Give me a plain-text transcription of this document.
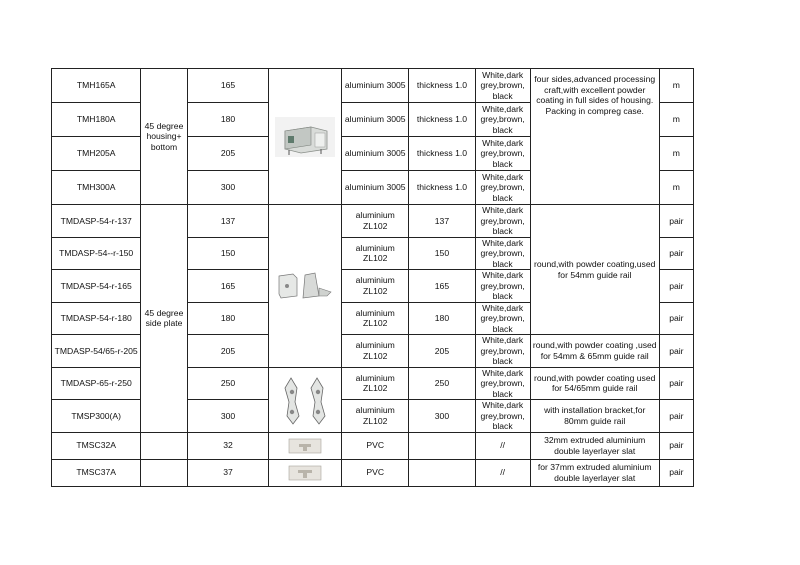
TMH165A	45 degree housing+ bottom	165			aluminium 3005	thickness 1.0	White,dark grey,brown, black	four sides,advanced processing craft,with excellent powder coating in full sides of housing. Packing in compreg case.	m
TMH180A		180		aluminium 3005	thickness 1.0	White,dark grey,brown, black		m
TMH205A		205		aluminium 3005	thickness 1.0	White,dark grey,brown, black		m
TMH300A		300		aluminium 3005	thickness 1.0	White,dark grey,brown, black		m
TMDASP-54-r-137	45 degree side plate	137			aluminium ZL102	137	White,dark grey,brown, black	round,with powder coating,used for 54mm guide rail	pair
TMDASP-54--r-150		150		aluminium ZL102	150	White,dark grey,brown, black		pair
TMDASP-54-r-165		165		aluminium ZL102	165	White,dark grey,brown, black		pair
TMDASP-54-r-180		180		aluminium ZL102	180	White,dark grey,brown, black		pair
TMDASP-54/65-r-205		205		aluminium ZL102	205	White,dark grey,brown, black	round,with powder coating ,used for 54mm & 65mm guide rail	pair
TMDASP-65-r-250		250		aluminium ZL102	250	White,dark grey,brown, black	round,with powder coating used for 54/65mm guide rail	pair
TMSP300(A)		300		aluminium ZL102	300	White,dark grey,brown, black	with installation bracket,for 80mm guide rail	pair
TMSC32A		32			PVC		//	32mm extruded aluminium double layerlayer slat	pair
TMSC37A		37			PVC		//	for 37mm extruded aluminium double layerlayer slat	pair
